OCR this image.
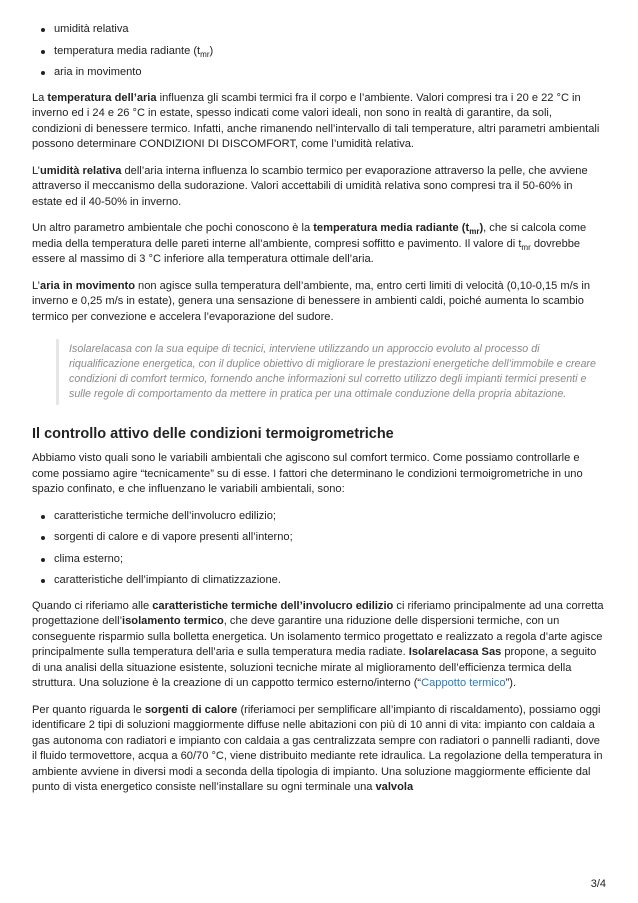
umidità relativa
temperatura media radiante $(t_{mr})$
aria in movimento

La temperatura dell’aria influenza gli scambi termici fra il corpo e l’ambiente. Valori compresi tra i 20 e 22 °C in inverno ed i 24 e 26 °C in estate, spesso indicati come valori ideali, non sono in realtà di garantire, da soli, condizioni di benessere termico. Infatti, anche rimanendo nell’intervallo di tali temperature, altri parametri ambientali possono determinare CONDIZIONI DI DISCOMFORT, come l’umidità relativa.

L’umidità relativa dell’aria interna influenza lo scambio termico per evaporazione attraverso la pelle, che avviene attraverso il meccanismo della sudorazione. Valori accettabili di umidità relativa sono compresi tra il 50-60% in estate ed il 40-50% in inverno.

Un altro parametro ambientale che pochi conoscono è la temperatura media radiante $(t_{mr})$, che si calcola come media della temperatura delle pareti interne all’ambiente, compresi soffitto e pavimento. Il valore di $t_{mr}$ dovrebbe essere al massimo di 3 °C inferiore alla temperatura ottimale dell’aria.

L’aria in movimento non agisce sulla temperatura dell’ambiente, ma, entro certi limiti di velocità (0,10-0,15 m/s in inverno e 0,25 m/s in estate), genera una sensazione di benessere in ambienti caldi, poiché aumenta lo scambio termico per convezione e accelera l’evaporazione del sudore.

Isolarelacasa con la sua equipe di tecnici, interviene utilizzando un approccio evoluto al processo di riqualificazione energetica, con il duplice obiettivo di migliorare le prestazioni energetiche dell’immobile e creare condizioni di comfort termico, fornendo anche informazioni sul corretto utilizzo degli impianti termici presenti e sulle regole di comportamento da mettere in pratica per una ottimale conduzione della propria abitazione.

Il controllo attivo delle condizioni termoigrometriche

Abbiamo visto quali sono le variabili ambientali che agiscono sul comfort termico. Come possiamo controllarle e come possiamo agire “tecnicamente” su di esse. I fattori che determinano le condizioni termoigrometriche in uno spazio confinato, e che influenzano le variabili ambientali, sono:

caratteristiche termiche dell’involucro edilizio;
sorgenti di calore e di vapore presenti all’interno;
clima esterno;
caratteristiche dell’impianto di climatizzazione.

Quando ci riferiamo alle caratteristiche termiche dell’involucro edilizio ci riferiamo principalmente ad una corretta progettazione dell’isolamento termico, che deve garantire una riduzione delle dispersioni termiche, con un conseguente risparmio sulla bolletta energetica. Un isolamento termico progettato e realizzato a regola d’arte agisce principalmente sulla temperatura dell’aria e sulla temperatura media radiate. Isolarelacasa Sas propone, a seguito di una analisi della situazione esistente, soluzioni tecniche mirate al miglioramento dell’efficienza termica della struttura. Una soluzione è la creazione di un cappotto termico esterno/interno (“Cappotto termico”).

Per quanto riguarda le sorgenti di calore (riferiamoci per semplificare all’impianto di riscaldamento), possiamo oggi identificare 2 tipi di soluzioni maggiormente diffuse nelle abitazioni con più di 10 anni di vita: impianto con caldaia a gas autonoma con radiatori e impianto con caldaia a gas centralizzata sempre con radiatori o pannelli radianti, dove il fluido termovettore, acqua a 60/70 °C, viene distribuito mediante rete idraulica. La regolazione della temperatura in ambiente avviene in diversi modi a seconda della tipologia di impianto. Una soluzione maggiormente efficiente dal punto di vista energetico consiste nell’installare su ogni terminale una valvola

3/4
